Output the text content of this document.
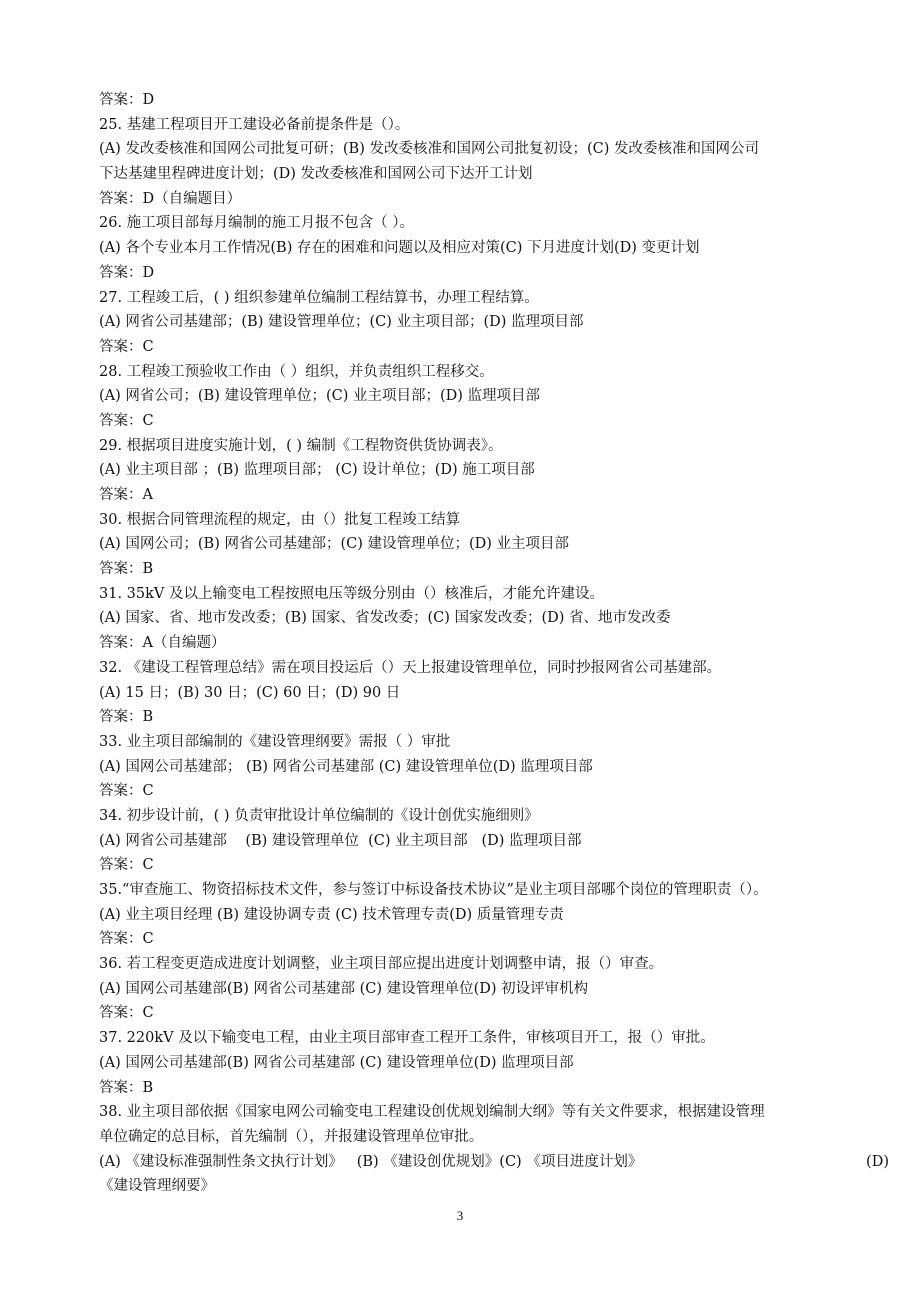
答案：D
25. 基建工程项目开工建设必备前提条件是（）。
(A) 发改委核准和国网公司批复可研；(B) 发改委核准和国网公司批复初设；(C) 发改委核准和国网公司
下达基建里程碑进度计划；(D) 发改委核准和国网公司下达开工计划
答案：D（自编题目）
26. 施工项目部每月编制的施工月报不包含（ ）。
(A) 各个专业本月工作情况(B) 存在的困难和问题以及相应对策(C) 下月进度计划(D) 变更计划
答案：D
27. 工程竣工后，( ) 组织参建单位编制工程结算书，办理工程结算。
(A) 网省公司基建部；(B) 建设管理单位；(C) 业主项目部；(D) 监理项目部
答案：C
28. 工程竣工预验收工作由（ ）组织，并负责组织工程移交。
(A) 网省公司；(B) 建设管理单位；(C) 业主项目部；(D) 监理项目部
答案：C
29. 根据项目进度实施计划，( ) 编制《工程物资供货协调表》。
(A) 业主项目部 ；(B) 监理项目部； (C) 设计单位；(D) 施工项目部
答案：A
30. 根据合同管理流程的规定，由（）批复工程竣工结算
(A) 国网公司；(B) 网省公司基建部；(C) 建设管理单位；(D) 业主项目部
答案：B
31. 35kV 及以上输变电工程按照电压等级分别由（）核准后，才能允许建设。
(A) 国家、省、地市发改委；(B) 国家、省发改委；(C) 国家发改委；(D) 省、地市发改委
答案：A（自编题）
32. 《建设工程管理总结》需在项目投运后（）天上报建设管理单位，同时抄报网省公司基建部。
(A) 15 日；(B) 30 日；(C) 60 日；(D) 90 日
答案：B
33. 业主项目部编制的《建设管理纲要》需报（ ）审批
(A) 国网公司基建部； (B) 网省公司基建部 (C) 建设管理单位(D) 监理项目部
答案：C
34. 初步设计前，( ) 负责审批设计单位编制的《设计创优实施细则》
(A) 网省公司基建部    (B) 建设管理单位  (C) 业主项目部   (D) 监理项目部
答案：C
35.“审查施工、物资招标技术文件，参与签订中标设备技术协议”是业主项目部哪个岗位的管理职责（）。
(A) 业主项目经理 (B) 建设协调专责 (C) 技术管理专责(D) 质量管理专责
答案：C
36. 若工程变更造成进度计划调整，业主项目部应提出进度计划调整申请，报（）审查。
(A) 国网公司基建部(B) 网省公司基建部 (C) 建设管理单位(D) 初设评审机构
答案：C
37. 220kV 及以下输变电工程，由业主项目部审查工程开工条件，审核项目开工，报（）审批。
(A) 国网公司基建部(B) 网省公司基建部 (C) 建设管理单位(D) 监理项目部
答案：B
38. 业主项目部依据《国家电网公司输变电工程建设创优规划编制大纲》等有关文件要求，根据建设管理
单位确定的总目标，首先编制（），并报建设管理单位审批。
(A) 《建设标准强制性条文执行计划》   (B) 《建设创优规划》(C) 《项目进度计划》	(D)
《建设管理纲要》
3
